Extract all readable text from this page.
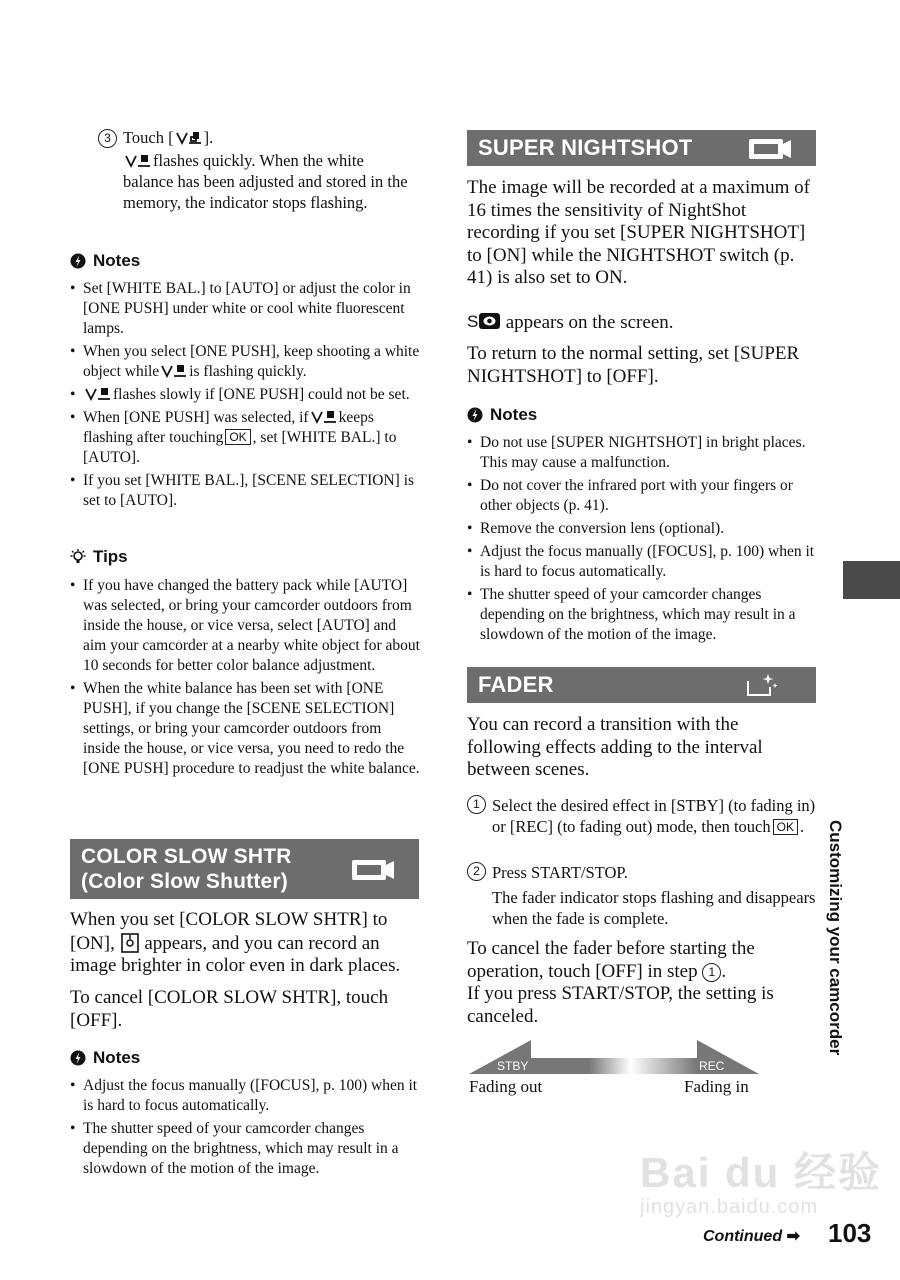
3 Touch [ ].
flashes quickly. When the white balance has been adjusted and stored in the memory, the indicator stops flashing.
Notes
• Set [WHITE BAL.] to [AUTO] or adjust the color in [ONE PUSH] under white or cool white fluorescent lamps.
• When you select [ONE PUSH], keep shooting a white object while is flashing quickly.
• flashes slowly if [ONE PUSH] could not be set.
• When [ONE PUSH] was selected, if keeps flashing after touching OK , set [WHITE BAL.] to [AUTO].
• If you set [WHITE BAL.], [SCENE SELECTION] is set to [AUTO].
Tips
• If you have changed the battery pack while [AUTO] was selected, or bring your camcorder outdoors from inside the house, or vice versa, select [AUTO] and aim your camcorder at a nearby white object for about 10 seconds for better color balance adjustment.
• When the white balance has been set with [ONE PUSH], if you change the [SCENE SELECTION] settings, or bring your camcorder outdoors from inside the house, or vice versa, you need to redo the [ONE PUSH] procedure to readjust the white balance.
COLOR SLOW SHTR
(Color Slow Shutter)
When you set [COLOR SLOW SHTR] to [ON], appears, and you can record an image brighter in color even in dark places.
To cancel [COLOR SLOW SHTR], touch [OFF].
Notes
• Adjust the focus manually ([FOCUS], p. 100) when it is hard to focus automatically.
• The shutter speed of your camcorder changes depending on the brightness, which may result in a slowdown of the motion of the image.
SUPER NIGHTSHOT
The image will be recorded at a maximum of 16 times the sensitivity of NightShot recording if you set [SUPER NIGHTSHOT] to [ON] while the NIGHTSHOT switch (p. 41) is also set to ON.
S appears on the screen.
To return to the normal setting, set [SUPER NIGHTSHOT] to [OFF].
Notes
• Do not use [SUPER NIGHTSHOT] in bright places. This may cause a malfunction.
• Do not cover the infrared port with your fingers or other objects (p. 41).
• Remove the conversion lens (optional).
• Adjust the focus manually ([FOCUS], p. 100) when it is hard to focus automatically.
• The shutter speed of your camcorder changes depending on the brightness, which may result in a slowdown of the motion of the image.
FADER
You can record a transition with the following effects adding to the interval between scenes.
1 Select the desired effect in [STBY] (to fading in) or [REC] (to fading out) mode, then touch OK .
2 Press START/STOP.
The fader indicator stops flashing and disappears when the fade is complete.
To cancel the fader before starting the operation, touch [OFF] in step 1 .
If you press START/STOP, the setting is canceled.
STBY	REC
Fading out	Fading in
Customizing your camcorder
Bai du 经验
jingyan.baidu.com
Continued ➡ 103
